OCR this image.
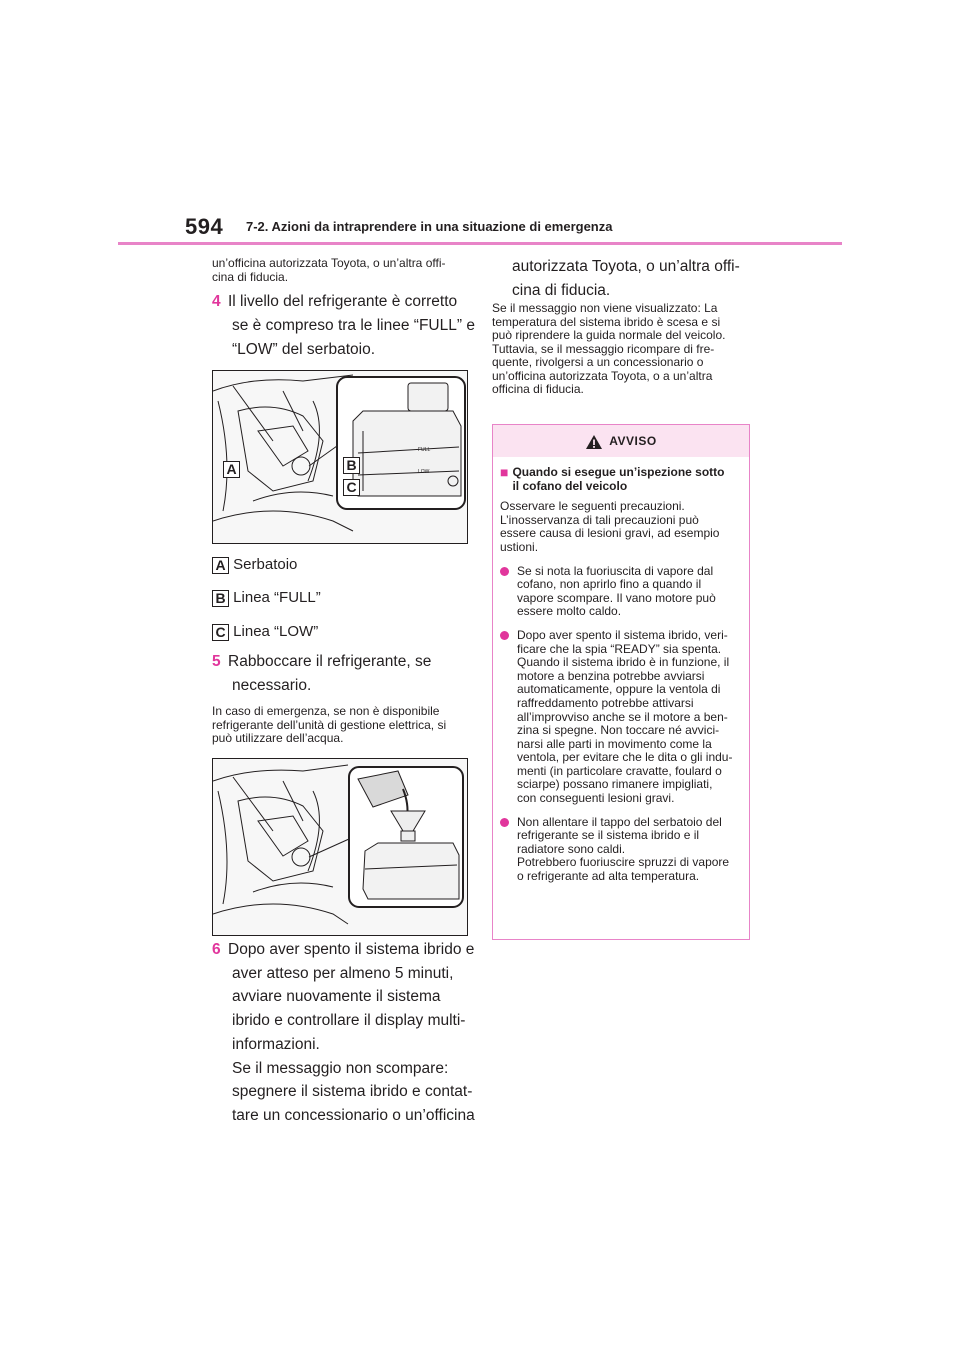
594 7-2. Azioni da intraprendere in una situazione di emergenza
un’officina autorizzata Toyota, o un’altra offi-
cina di fiducia.
4 Il livello del refrigerante è corretto
se è compreso tra le linee “FULL” e
“LOW” del serbatoio.
FULL
LOW
A	B
C
A Serbatoio
B Linea “FULL”
C Linea “LOW”
5 Rabboccare il refrigerante, se
necessario.
In caso di emergenza, se non è disponibile
refrigerante dell’unità di gestione elettrica, si
può utilizzare dell’acqua.
6 Dopo aver spento il sistema ibrido e
aver atteso per almeno 5 minuti,
avviare nuovamente il sistema
ibrido e controllare il display multi-
informazioni.
Se il messaggio non scompare:
spegnere il sistema ibrido e contat-
tare un concessionario o un’officina
autorizzata Toyota, o un’altra offi-
cina di fiducia.
Se il messaggio non viene visualizzato: La
temperatura del sistema ibrido è scesa e si
può riprendere la guida normale del veicolo.
Tuttavia, se il messaggio ricompare di fre-
quente, rivolgersi a un concessionario o
un’officina autorizzata Toyota, o a un’altra
officina di fiducia.
AVVISO
■ Quando si esegue un’ispezione sotto
il cofano del veicolo
Osservare le seguenti precauzioni.
L’inosservanza di tali precauzioni può
essere causa di lesioni gravi, ad esempio
ustioni.
Se si nota la fuoriuscita di vapore dal
cofano, non aprirlo fino a quando il
vapore scompare. Il vano motore può
essere molto caldo.
Dopo aver spento il sistema ibrido, veri-
ficare che la spia “READY” sia spenta.
Quando il sistema ibrido è in funzione, il
motore a benzina potrebbe avviarsi
automaticamente, oppure la ventola di
raffreddamento potrebbe attivarsi
all’improvviso anche se il motore a ben-
zina si spegne. Non toccare né avvici-
narsi alle parti in movimento come la
ventola, per evitare che le dita o gli indu-
menti (in particolare cravatte, foulard o
sciarpe) possano rimanere impigliati,
con conseguenti lesioni gravi.
Non allentare il tappo del serbatoio del
refrigerante se il sistema ibrido e il
radiatore sono caldi.
Potrebbero fuoriuscire spruzzi di vapore
o refrigerante ad alta temperatura.
